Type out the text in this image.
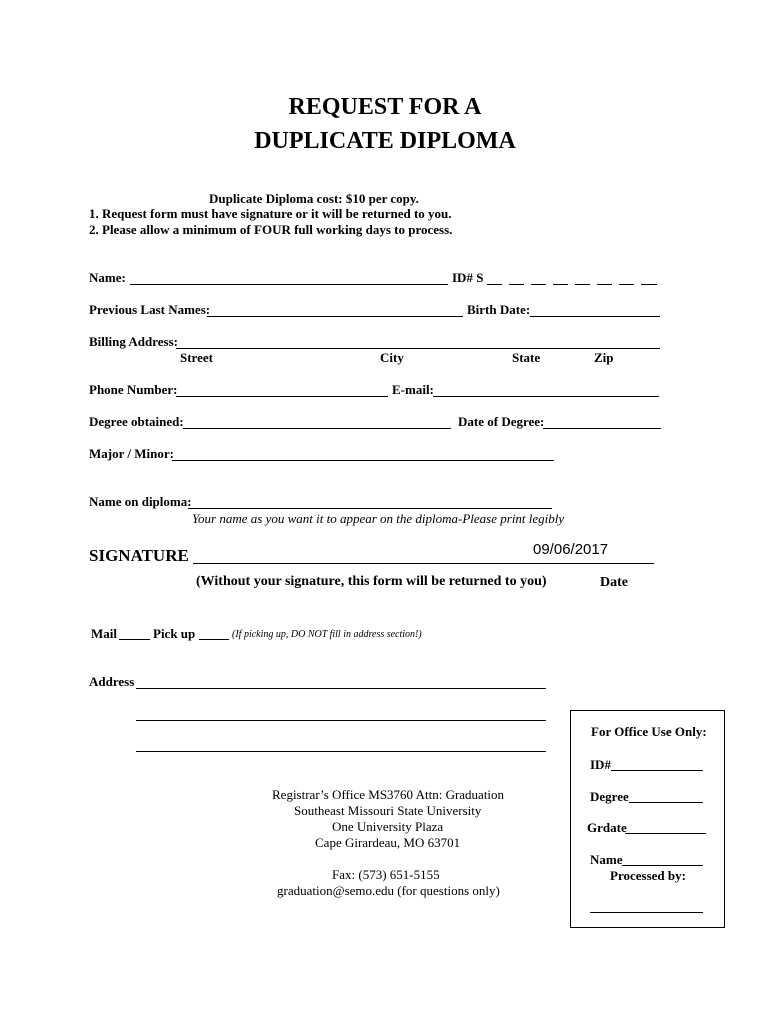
REQUEST FOR A
DUPLICATE DIPLOMA
Duplicate Diploma cost: $10 per copy.
1. Request form must have signature or it will be returned to you.
2. Please allow a minimum of FOUR full working days to process.
Name:	ID# S
Previous Last Names:	Birth Date:
Billing Address:
Street	City	State	Zip
Phone Number:	E-mail:
Degree obtained:	Date of Degree:
Major / Minor:
Name on diploma:
Your name as you want it to appear on the diploma-Please print legibly
SIGNATURE	09/06/2017
(Without your signature, this form will be returned to you)	Date
Mail	Pick up	(If picking up, DO NOT fill in address section!)
Address
Registrar’s Office MS3760 Attn: Graduation
Southeast Missouri State University
One University Plaza
Cape Girardeau, MO 63701
Fax: (573) 651-5155
graduation@semo.edu (for questions only)
For Office Use Only:
ID#
Degree
Grdate
Name
Processed by:
